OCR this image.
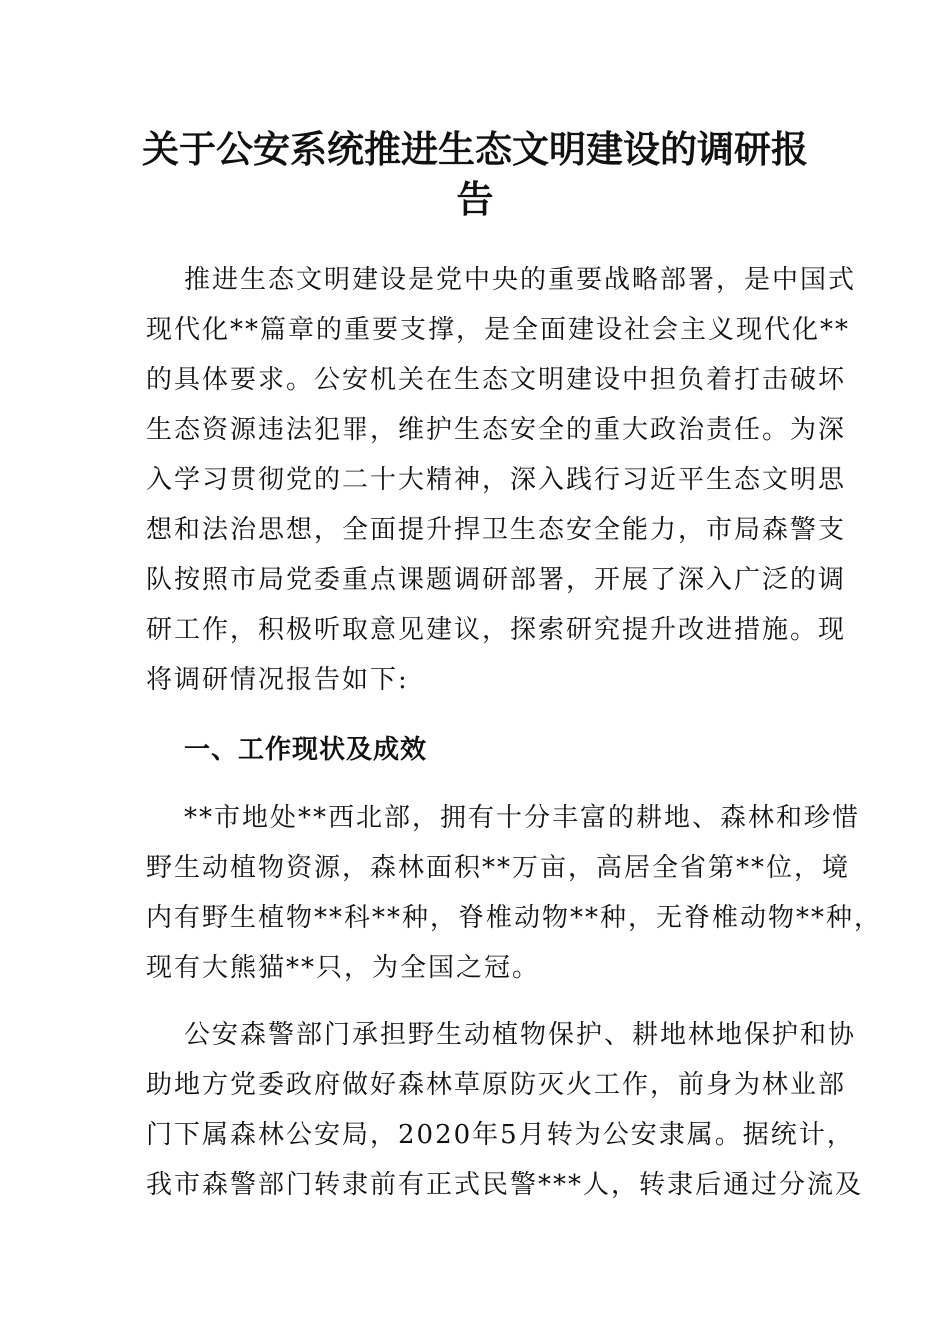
关于公安系统推进生态文明建设的调研报
告

推进生态文明建设是党中央的重要战略部署，是中国式
现代化**篇章的重要支撑，是全面建设社会主义现代化**
的具体要求。公安机关在生态文明建设中担负着打击破坏
生态资源违法犯罪，维护生态安全的重大政治责任。为深
入学习贯彻党的二十大精神，深入践行习近平生态文明思
想和法治思想，全面提升捍卫生态安全能力，市局森警支
队按照市局党委重点课题调研部署，开展了深入广泛的调
研工作，积极听取意见建议，探索研究提升改进措施。现
将调研情况报告如下:

一、工作现状及成效

**市地处**西北部，拥有十分丰富的耕地、森林和珍惜
野生动植物资源，森林面积**万亩，高居全省第**位，境
内有野生植物**科**种，脊椎动物**种，无脊椎动物**种，
现有大熊猫**只，为全国之冠。

公安森警部门承担野生动植物保护、耕地林地保护和协
助地方党委政府做好森林草原防灭火工作，前身为林业部
门下属森林公安局，2020年5月转为公安隶属。据统计，
我市森警部门转隶前有正式民警***人，转隶后通过分流及
